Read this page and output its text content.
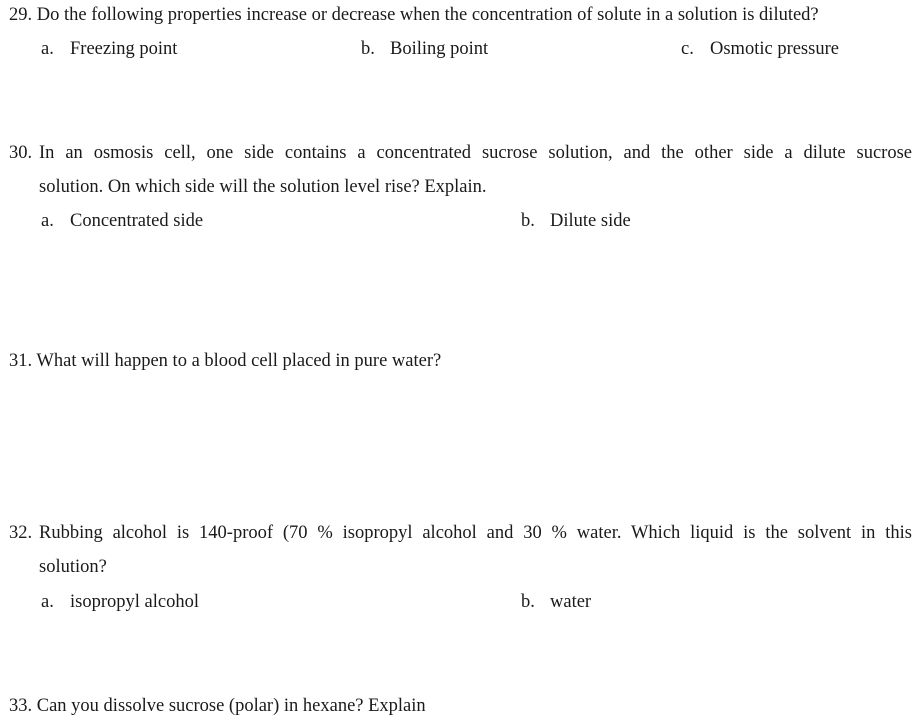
29. Do the following properties increase or decrease when the concentration of solute in a solution is diluted?
a. Freezing point	b. Boiling point	c. Osmotic pressure
30. In an osmosis cell, one side contains a concentrated sucrose solution, and the other side a dilute sucrose
solution. On which side will the solution level rise? Explain.
a. Concentrated side	b. Dilute side
31. What will happen to a blood cell placed in pure water?
32. Rubbing alcohol is 140-proof (70 % isopropyl alcohol and 30 % water. Which liquid is the solvent in this
solution?
a. isopropyl alcohol	b. water
33. Can you dissolve sucrose (polar) in hexane? Explain
